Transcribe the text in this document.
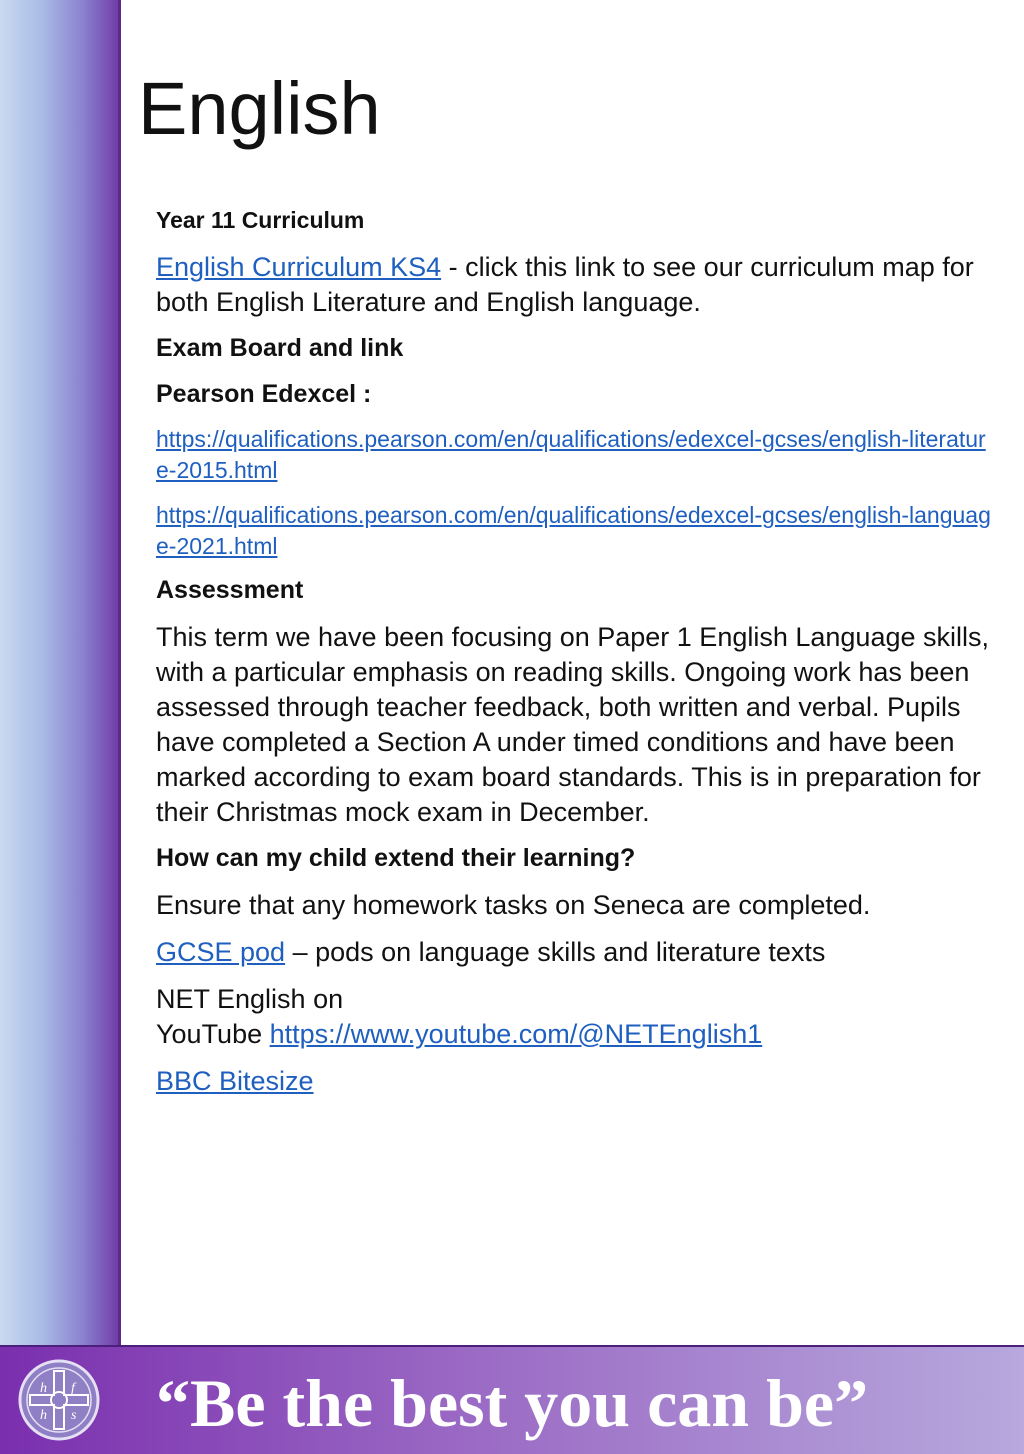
English

Year 11 Curriculum

English Curriculum KS4 - click this link to see our curriculum map for both English Literature and English language.

Exam Board and link

Pearson Edexcel :

https://qualifications.pearson.com/en/qualifications/edexcel-gcses/english-literature-2015.html
https://qualifications.pearson.com/en/qualifications/edexcel-gcses/english-language-2021.html

Assessment

This term we have been focusing on Paper 1 English Language skills, with a particular emphasis on reading skills. Ongoing work has been assessed through teacher feedback, both written and verbal. Pupils have completed a Section A under timed conditions and have been marked according to exam board standards. This is in preparation for their Christmas mock exam in December.

How can my child extend their learning?

Ensure that any homework tasks on Seneca are completed.

GCSE pod – pods on language skills and literature texts

NET English on
YouTube https://www.youtube.com/@NETEnglish1

BBC Bitesize

h f
h s “Be the best you can be”
